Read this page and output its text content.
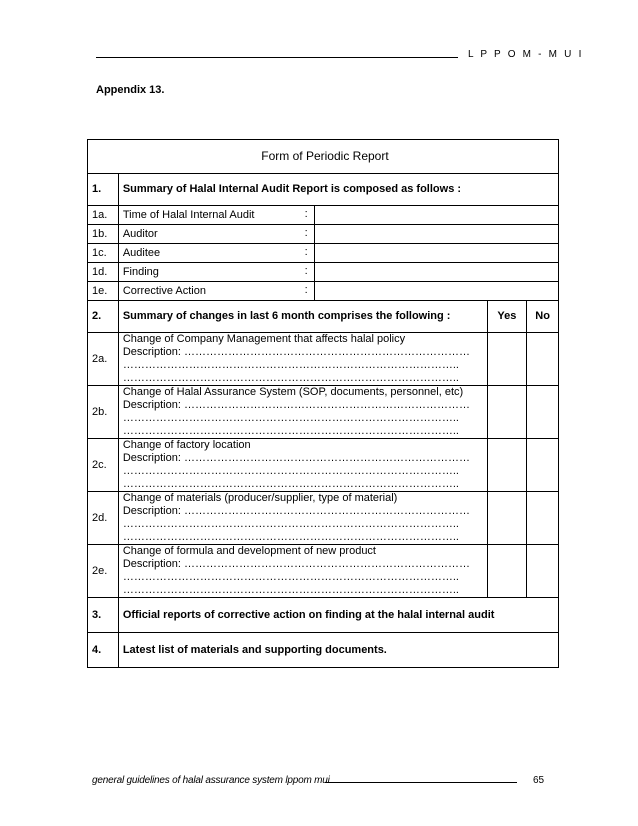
L P P O M - M U I
Appendix 13.
Form of Periodic Report				
1.	Summary of Halal Internal Audit Report is composed as follows :			
1a.	Time of Halal Internal Audit :			

1b.	Auditor :			

1c.	Auditee :			

1d.	Finding :			

1e.	Corrective Action :			

2.	Summary of changes in last 6 month comprises the following :		Yes	No
2a.	Change of Company Management that affects halal policy
Description: ……………………………………………………………………
………………………………………………………………………………..
………………………………………………………………………………..			

2b.	Change of Halal Assurance System (SOP, documents, personnel, etc)
Description: ……………………………………………………………………
………………………………………………………………………………..
………………………………………………………………………………..			

2c.	Change of factory location
Description: ……………………………………………………………………
………………………………………………………………………………..
………………………………………………………………………………..			

2d.	Change of materials (producer/supplier, type of material)
Description: ……………………………………………………………………
………………………………………………………………………………..
………………………………………………………………………………..			

2e.	Change of formula and development of new product
Description: ……………………………………………………………………
………………………………………………………………………………..
………………………………………………………………………………..			

3.	Official reports of corrective action on finding at the halal internal audit			
4.	Latest list of materials and supporting documents.			
general guidelines of halal assurance system lppom mui	65
